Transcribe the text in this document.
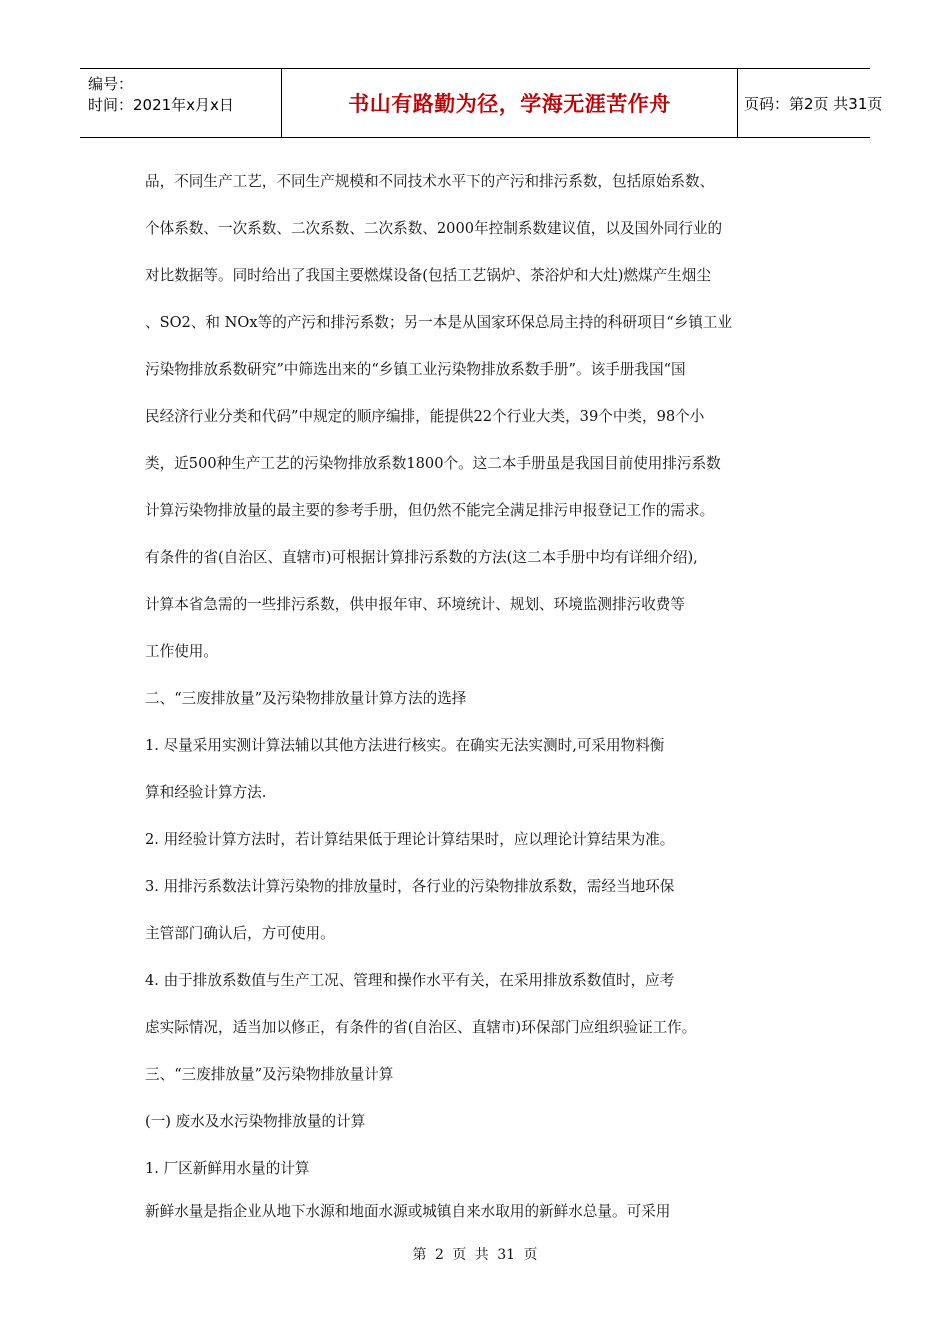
编号：
时间：2021年x月x日	书山有路勤为径，学海无涯苦作舟	页码：第2页 共31页
品，不同生产工艺，不同生产规模和不同技术水平下的产污和排污系数，包括原始系数、
个体系数、一次系数、二次系数、二次系数、2000年控制系数建议值，以及国外同行业的
对比数据等。同时给出了我国主要燃煤设备(包括工艺锅炉、茶浴炉和大灶)燃煤产生烟尘
、SO2、和 NOx等的产污和排污系数；另一本是从国家环保总局主持的科研项目“乡镇工业
污染物排放系数研究”中筛选出来的“乡镇工业污染物排放系数手册”。该手册我国“国
民经济行业分类和代码”中规定的顺序编排，能提供22个行业大类，39个中类，98个小
类，近500种生产工艺的污染物排放系数1800个。这二本手册虽是我国目前使用排污系数
计算污染物排放量的最主要的参考手册，但仍然不能完全满足排污申报登记工作的需求。
有条件的省(自治区、直辖市)可根据计算排污系数的方法(这二本手册中均有详细介绍),
计算本省急需的一些排污系数，供申报年审、环境统计、规划、环境监测排污收费等
工作使用。
二、“三废排放量”及污染物排放量计算方法的选择
1. 尽量采用实测计算法辅以其他方法进行核实。在确实无法实测时,可采用物料衡
算和经验计算方法.
2. 用经验计算方法时，若计算结果低于理论计算结果时，应以理论计算结果为准。
3. 用排污系数法计算污染物的排放量时，各行业的污染物排放系数，需经当地环保
主管部门确认后，方可使用。
4. 由于排放系数值与生产工况、管理和操作水平有关，在采用排放系数值时，应考
虑实际情况，适当加以修正，有条件的省(自治区、直辖市)环保部门应组织验证工作。
三、“三废排放量”及污染物排放量计算
(一) 废水及水污染物排放量的计算
1. 厂区新鲜用水量的计算
新鲜水量是指企业从地下水源和地面水源或城镇自来水取用的新鲜水总量。可采用
第 2 页 共 31 页
